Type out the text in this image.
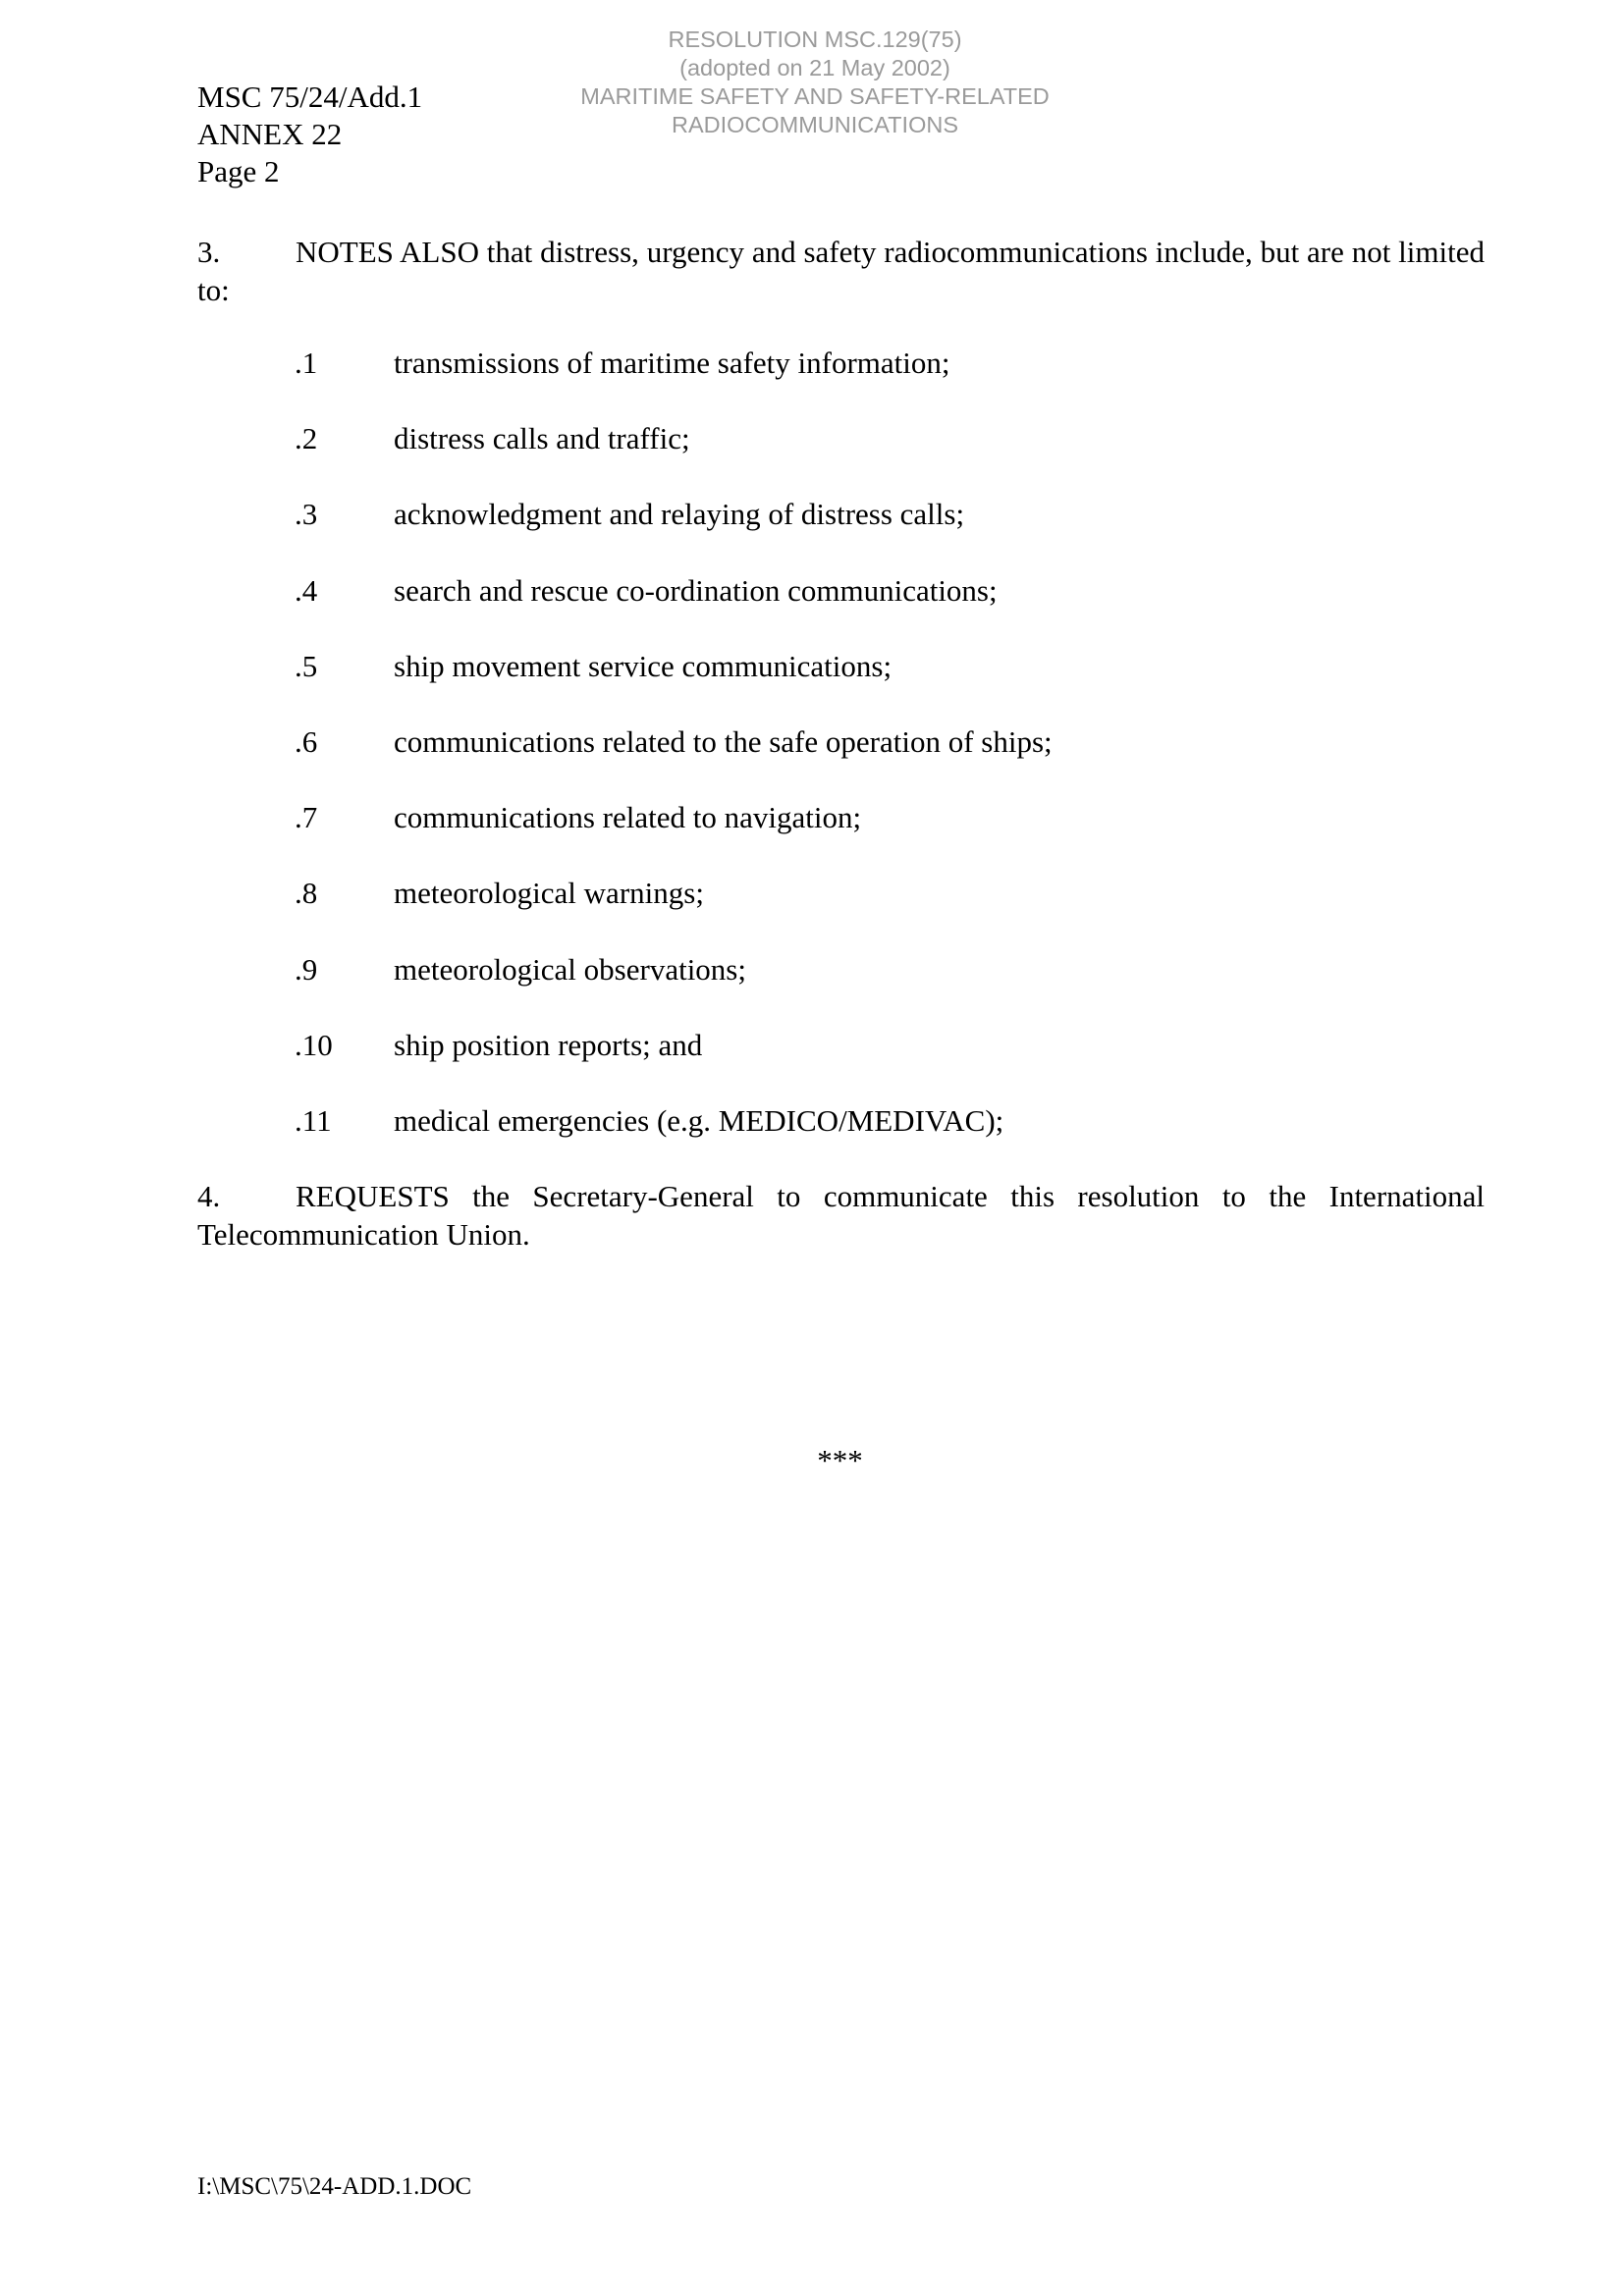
MSC 75/24/Add.1
ANNEX 22
Page 2
RESOLUTION MSC.129(75)
(adopted on 21 May 2002)
MARITIME SAFETY AND SAFETY-RELATED
RADIOCOMMUNICATIONS
3. NOTES ALSO that distress, urgency and safety radiocommunications include, but are not limited to:
.1	transmissions of maritime safety information;
.2	distress calls and traffic;
.3	acknowledgment and relaying of distress calls;
.4	search and rescue co-ordination communications;
.5	ship movement service communications;
.6	communications related to the safe operation of ships;
.7	communications related to navigation;
.8	meteorological warnings;
.9	meteorological observations;
.10 ship position reports; and
.11 medical emergencies (e.g. MEDICO/MEDIVAC);
4. REQUESTS the Secretary-General to communicate this resolution to the International Telecommunication Union.
***
I:\MSC\75\24-ADD.1.DOC
